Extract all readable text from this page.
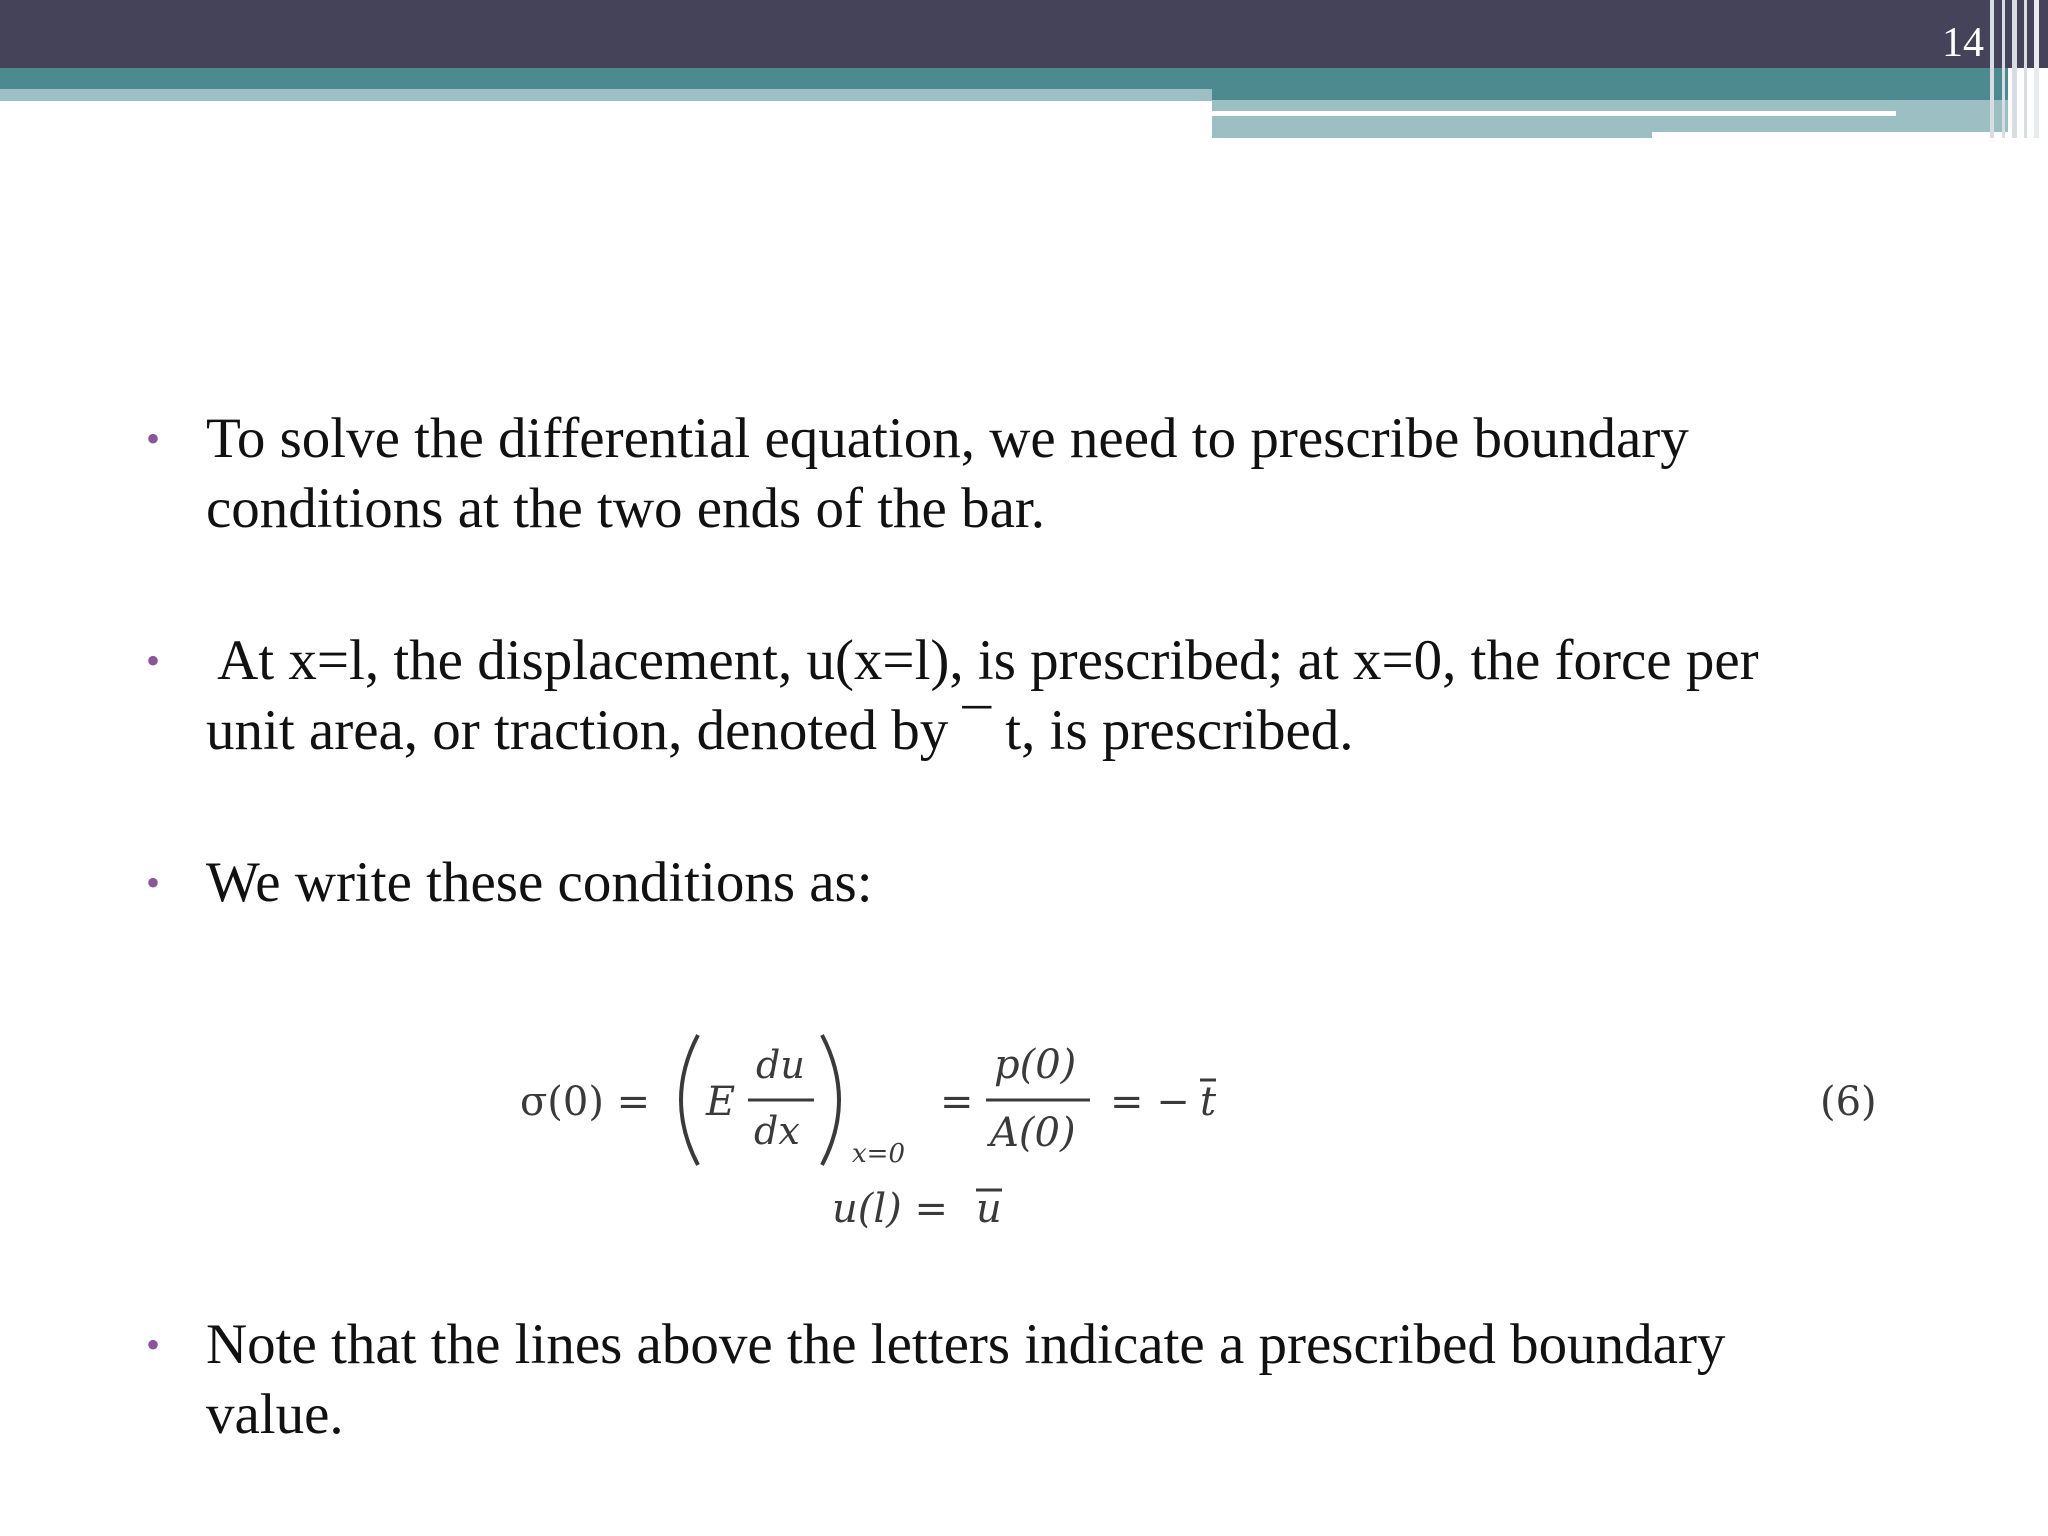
14
• To solve the differential equation, we need to prescribe boundary
conditions at the two ends of the bar.
• At x=l, the displacement, u(x=l), is prescribed; at x=0, the force per
unit area, or traction, denoted by ¯ t, is prescribed.
• We write these conditions as:
σ(0) = E
du
dx
x=0
=
p(0)
A(0)
= − t	(6)
u(l) = u
• Note that the lines above the letters indicate a prescribed boundary
value.
